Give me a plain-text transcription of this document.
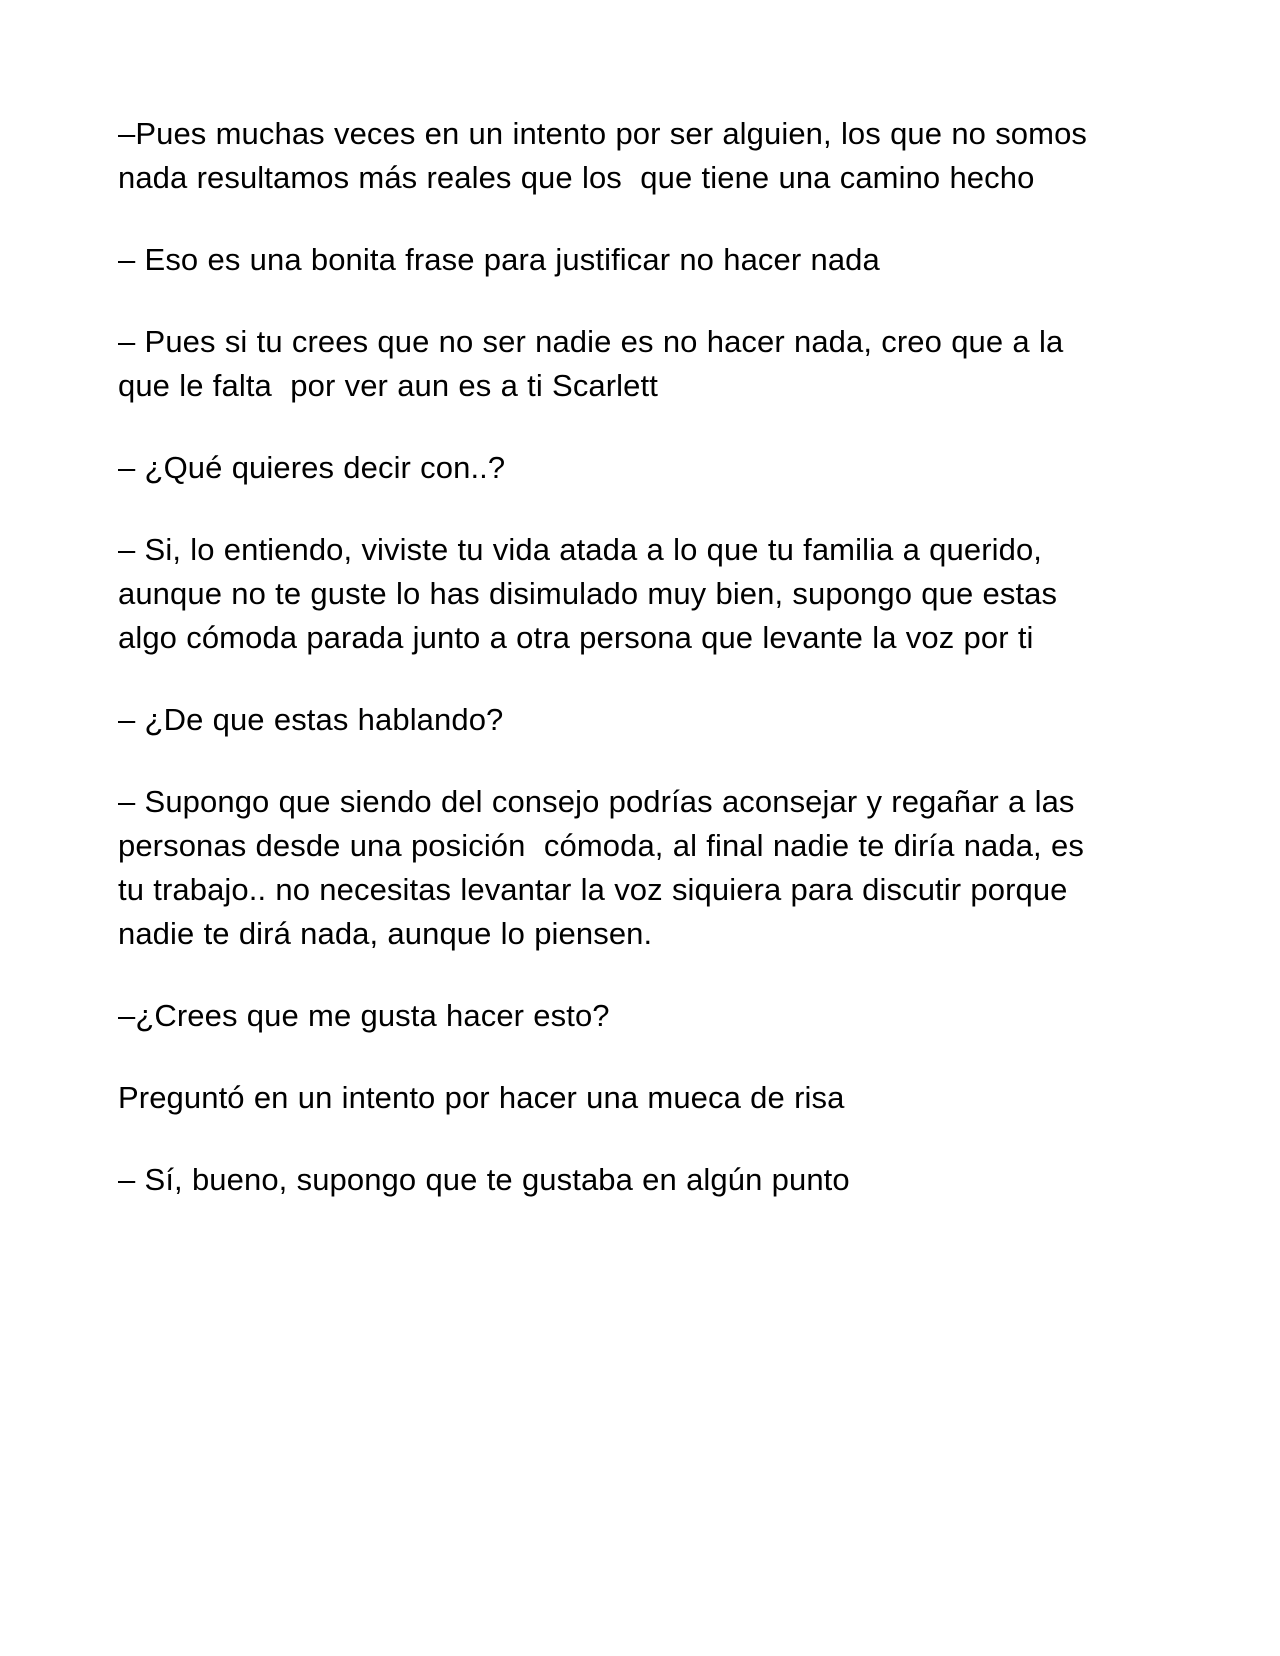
–Pues muchas veces en un intento por ser alguien, los que no somos nada resultamos más reales que los  que tiene una camino hecho

– Eso es una bonita frase para justificar no hacer nada

– Pues si tu crees que no ser nadie es no hacer nada, creo que a la que le falta  por ver aun es a ti Scarlett

– ¿Qué quieres decir con..?

– Si, lo entiendo, viviste tu vida atada a lo que tu familia a querido, aunque no te guste lo has disimulado muy bien, supongo que estas algo cómoda parada junto a otra persona que levante la voz por ti

– ¿De que estas hablando?

– Supongo que siendo del consejo podrías aconsejar y regañar a las personas desde una posición  cómoda, al final nadie te diría nada, es tu trabajo.. no necesitas levantar la voz siquiera para discutir porque nadie te dirá nada, aunque lo piensen.

–¿Crees que me gusta hacer esto?

Preguntó en un intento por hacer una mueca de risa

– Sí, bueno, supongo que te gustaba en algún punto
